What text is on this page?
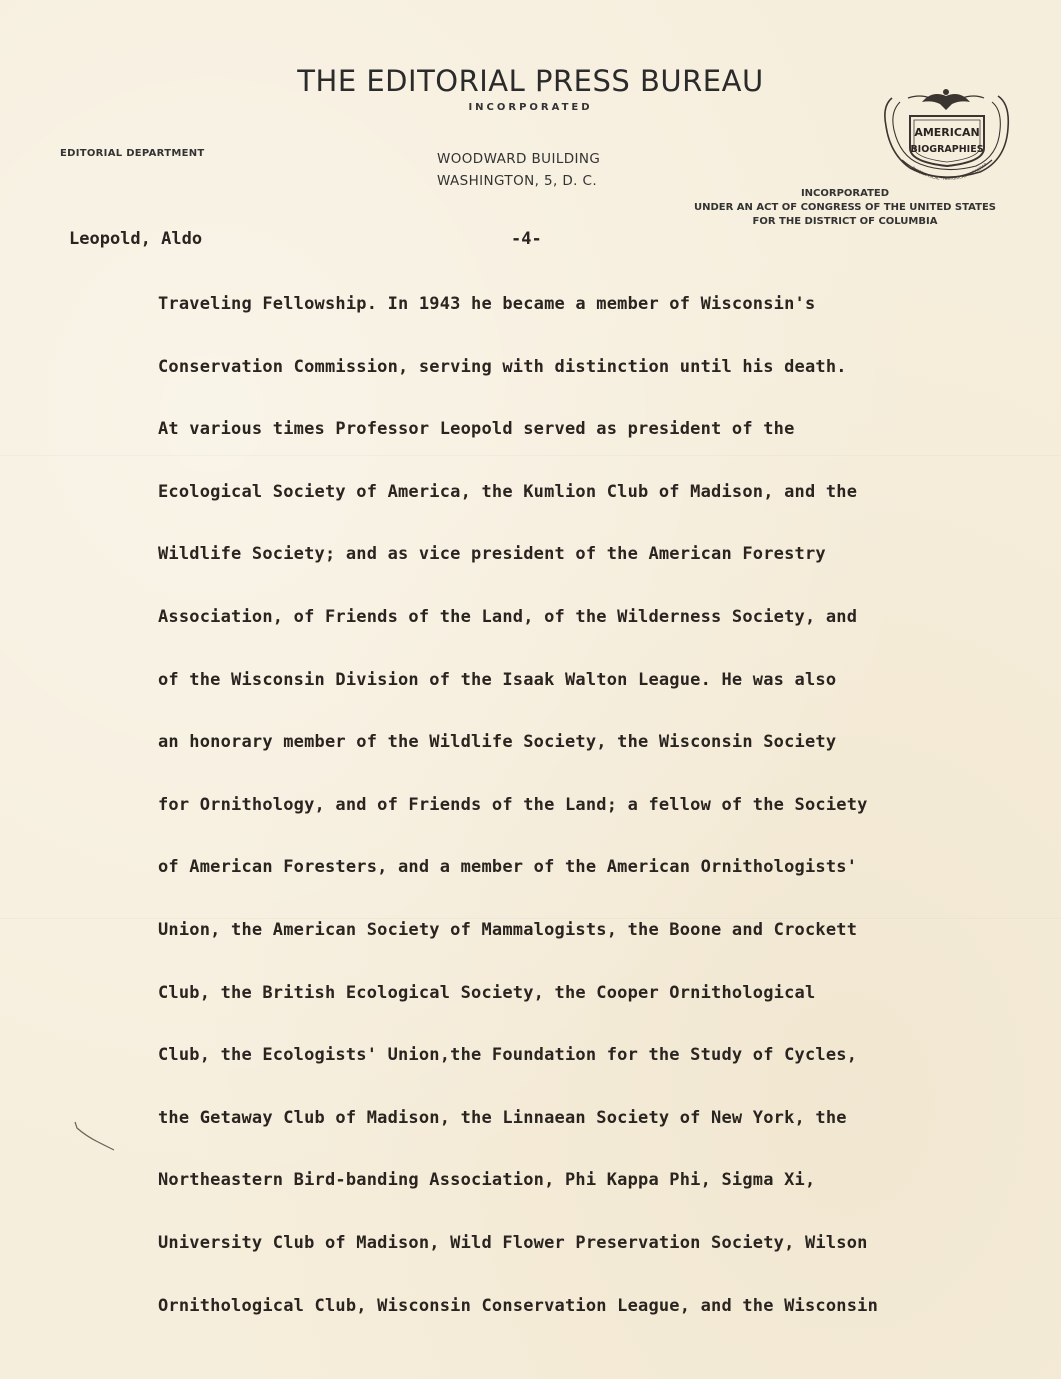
THE EDITORIAL PRESS BUREAU
INCORPORATED
EDITORIAL DEPARTMENT	WOODWARD BUILDING
WASHINGTON, 5, D. C.
AMERICAN
BIOGRAPHIES
BIOGRAPHICAL · HISTORICAL · GEOGRAP
INCORPORATED
UNDER AN ACT OF CONGRESS OF THE UNITED STATES
FOR THE DISTRICT OF COLUMBIA
Leopold, Aldo	-4-
Traveling Fellowship. In 1943 he became a member of Wisconsin's
Conservation Commission, serving with distinction until his death.
At various times Professor Leopold served as president of the
Ecological Society of America, the Kumlion Club of Madison, and the
Wildlife Society; and as vice president of the American Forestry
Association, of Friends of the Land, of the Wilderness Society, and
of the Wisconsin Division of the Isaak Walton League. He was also
an honorary member of the Wildlife Society, the Wisconsin Society
for Ornithology, and of Friends of the Land; a fellow of the Society
of American Foresters, and a member of the American Ornithologists'
Union, the American Society of Mammalogists, the Boone and Crockett
Club, the British Ecological Society, the Cooper Ornithological
Club, the Ecologists' Union,the Foundation for the Study of Cycles,
the Getaway Club of Madison, the Linnaean Society of New York, the
Northeastern Bird-banding Association, Phi Kappa Phi, Sigma Xi,
University Club of Madison, Wild Flower Preservation Society, Wilson
Ornithological Club, Wisconsin Conservation League, and the Wisconsin
